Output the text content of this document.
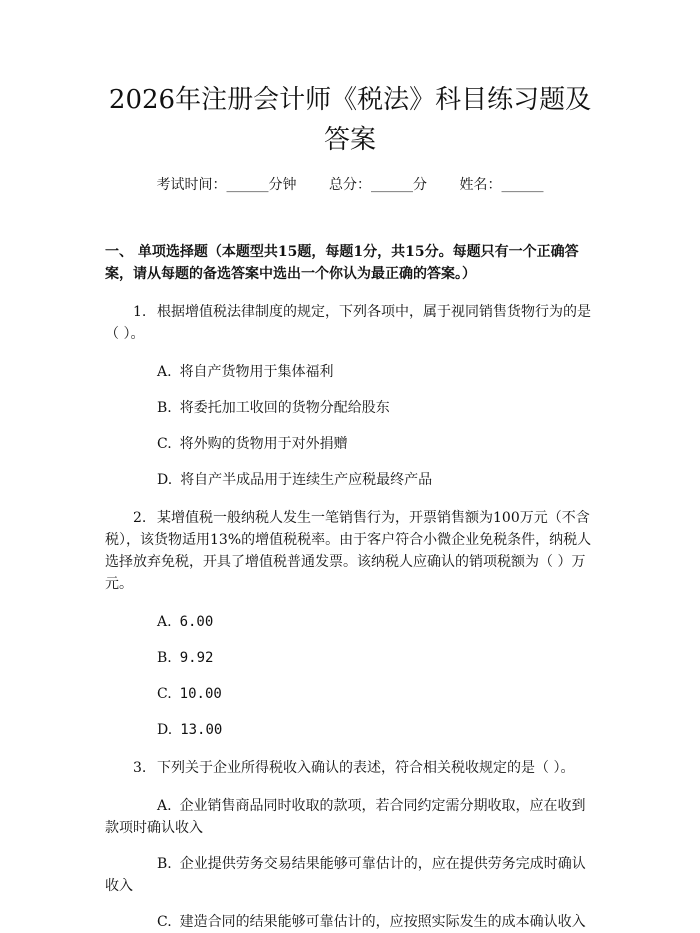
2026年注册会计师《税法》科目练习题及答案
考试时间：______分钟 总分：______分 姓名：______
一、 单项选择题（本题型共15题，每题1分，共15分。每题只有一个正确答案，请从每题的备选答案中选出一个你认为最正确的答案。）
1. 根据增值税法律制度的规定，下列各项中，属于视同销售货物行为的是（ ）。
A. 将自产货物用于集体福利
B. 将委托加工收回的货物分配给股东
C. 将外购的货物用于对外捐赠
D. 将自产半成品用于连续生产应税最终产品
2. 某增值税一般纳税人发生一笔销售行为，开票销售额为100万元（不含税），该货物适用13%的增值税税率。由于客户符合小微企业免税条件，纳税人选择放弃免税，开具了增值税普通发票。该纳税人应确认的销项税额为（ ）万元。
A. 6.00
B. 9.92
C. 10.00
D. 13.00
3. 下列关于企业所得税收入确认的表述，符合相关税收规定的是（ ）。
A. 企业销售商品同时收取的款项，若合同约定需分期收取，应在收到款项时确认收入
B. 企业提供劳务交易结果能够可靠估计的，应在提供劳务完成时确认收入
C. 建造合同的结果能够可靠估计的，应按照实际发生的成本确认收入
